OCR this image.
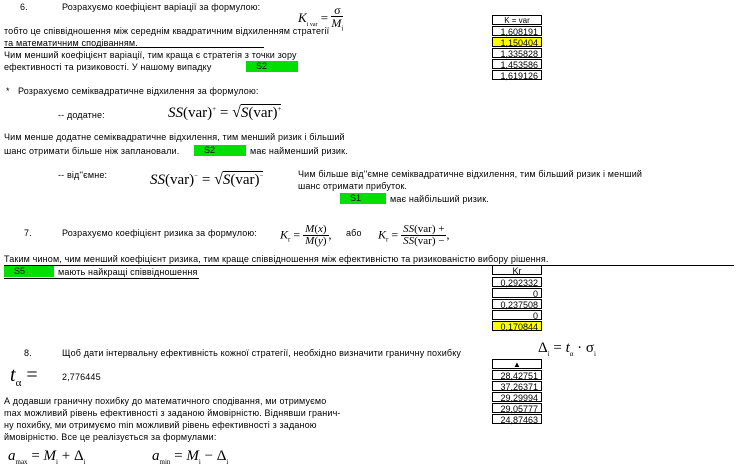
6.	Розрахуємо коефіцієнт варіації за формулою:
$K_{i var} = \frac{\sigma}{M_i}$
тобто це співвідношення між середнім квадратичним відхиленням стратегії
та математичним сподіванням.
Чим менший коефіцієнт варіації, тим краща є стратегія з точки зору
ефективності та ризиковості. У нашому випадку	S2
K = var
1,608191
1,150404
1,335828
1,453586
1,619126
* Розрахуємо семіквадратичне відхилення за формулою:
-- додатне:	SS(var)+ = √S(var)+
Чим менше додатне семіквадратичне відхилення, тим менший ризик і більший
шанс отримати більше ніж заплановали.	S2	має найменший ризик.
-- від''ємне:	SS(var)− = √S(var)−	Чим більше від''ємне семіквадратичне відхилення, тим більший ризик і менший
шанс отримати прибуток.
S1	має найбільший ризик.
7.	Розрахуємо коефіцієнт ризика за формулою: $K_r = \frac{M(x)}{M(y)}$ , або $K_r = SS(var)$ +
SS(var) − ,
Таким чином, чим менший коефіцієнт ризика, тим краще співвідношення між ефективністю та ризикованістю вибору рішення.
S5	мають найкращі співвідношення	Kr
0,292332
0
0,237508
0
0,170844
8.	Щоб дати інтервальну ефективність кожної стратегії, необхідно визначити граничну похибку	$\Delta_i = t_\alpha \cdot \sigma_i$
$t_\alpha$ =	2,776445
▲
28,42751
37,26371
29,29994
29,05777
24,87463
А додавши граничну похибку до математичного сподівання, ми отримуємо
max можливий рівень ефективності з заданою ймовірністю. Віднявши гранич-
ну похибку, ми отримуємо min можливий рівень ефективності з заданою
ймовірністю. Все це реалізується за формулами:
$a_{max} = M_i + \Delta_i$	$a_{min} = M_i - \Delta_i$
